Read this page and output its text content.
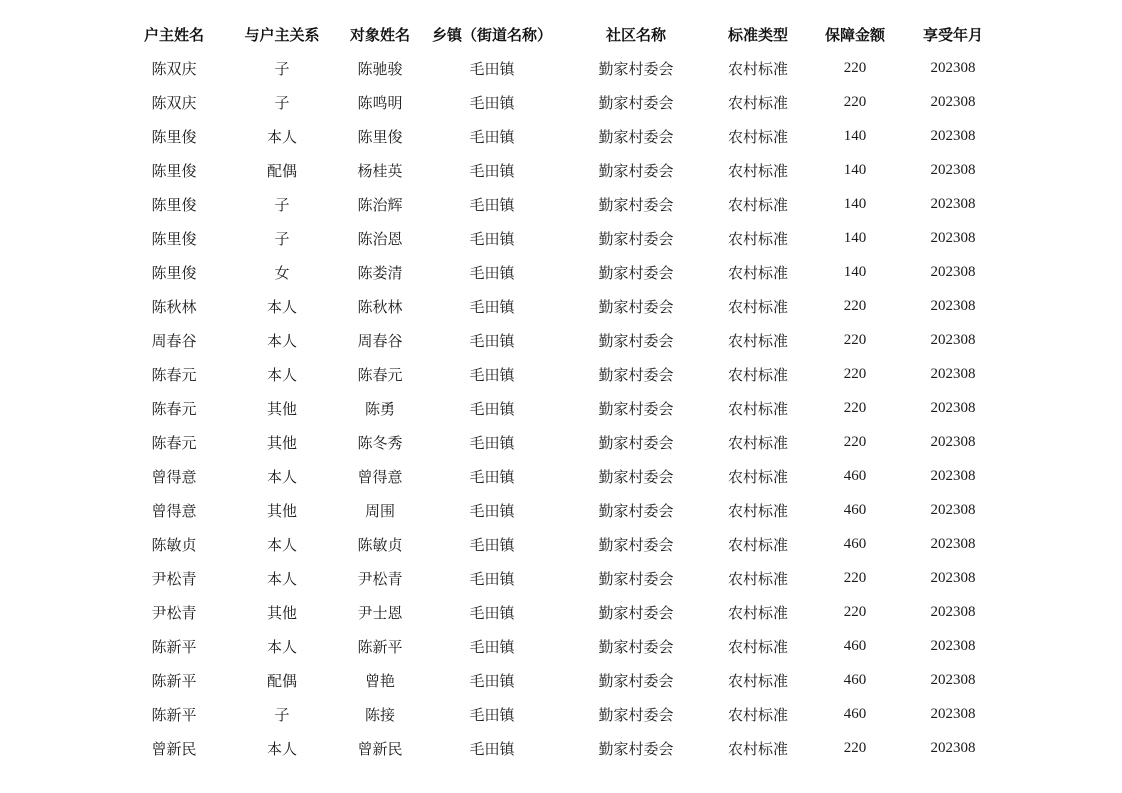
户主姓名	与户主关系	对象姓名	乡镇（街道名称）	社区名称	标准类型	保障金额	享受年月
陈双庆	子	陈驰骏	毛田镇	勤家村委会	农村标准	220	202308
陈双庆	子	陈鸣明	毛田镇	勤家村委会	农村标准	220	202308
陈里俊	本人	陈里俊	毛田镇	勤家村委会	农村标准	140	202308
陈里俊	配偶	杨桂英	毛田镇	勤家村委会	农村标准	140	202308
陈里俊	子	陈治辉	毛田镇	勤家村委会	农村标准	140	202308
陈里俊	子	陈治恩	毛田镇	勤家村委会	农村标准	140	202308
陈里俊	女	陈娄清	毛田镇	勤家村委会	农村标准	140	202308
陈秋林	本人	陈秋林	毛田镇	勤家村委会	农村标准	220	202308
周春谷	本人	周春谷	毛田镇	勤家村委会	农村标准	220	202308
陈春元	本人	陈春元	毛田镇	勤家村委会	农村标准	220	202308
陈春元	其他	陈勇	毛田镇	勤家村委会	农村标准	220	202308
陈春元	其他	陈冬秀	毛田镇	勤家村委会	农村标准	220	202308
曾得意	本人	曾得意	毛田镇	勤家村委会	农村标准	460	202308
曾得意	其他	周围	毛田镇	勤家村委会	农村标准	460	202308
陈敏贞	本人	陈敏贞	毛田镇	勤家村委会	农村标准	460	202308
尹松青	本人	尹松青	毛田镇	勤家村委会	农村标准	220	202308
尹松青	其他	尹士恩	毛田镇	勤家村委会	农村标准	220	202308
陈新平	本人	陈新平	毛田镇	勤家村委会	农村标准	460	202308
陈新平	配偶	曾艳	毛田镇	勤家村委会	农村标准	460	202308
陈新平	子	陈接	毛田镇	勤家村委会	农村标准	460	202308
曾新民	本人	曾新民	毛田镇	勤家村委会	农村标准	220	202308
